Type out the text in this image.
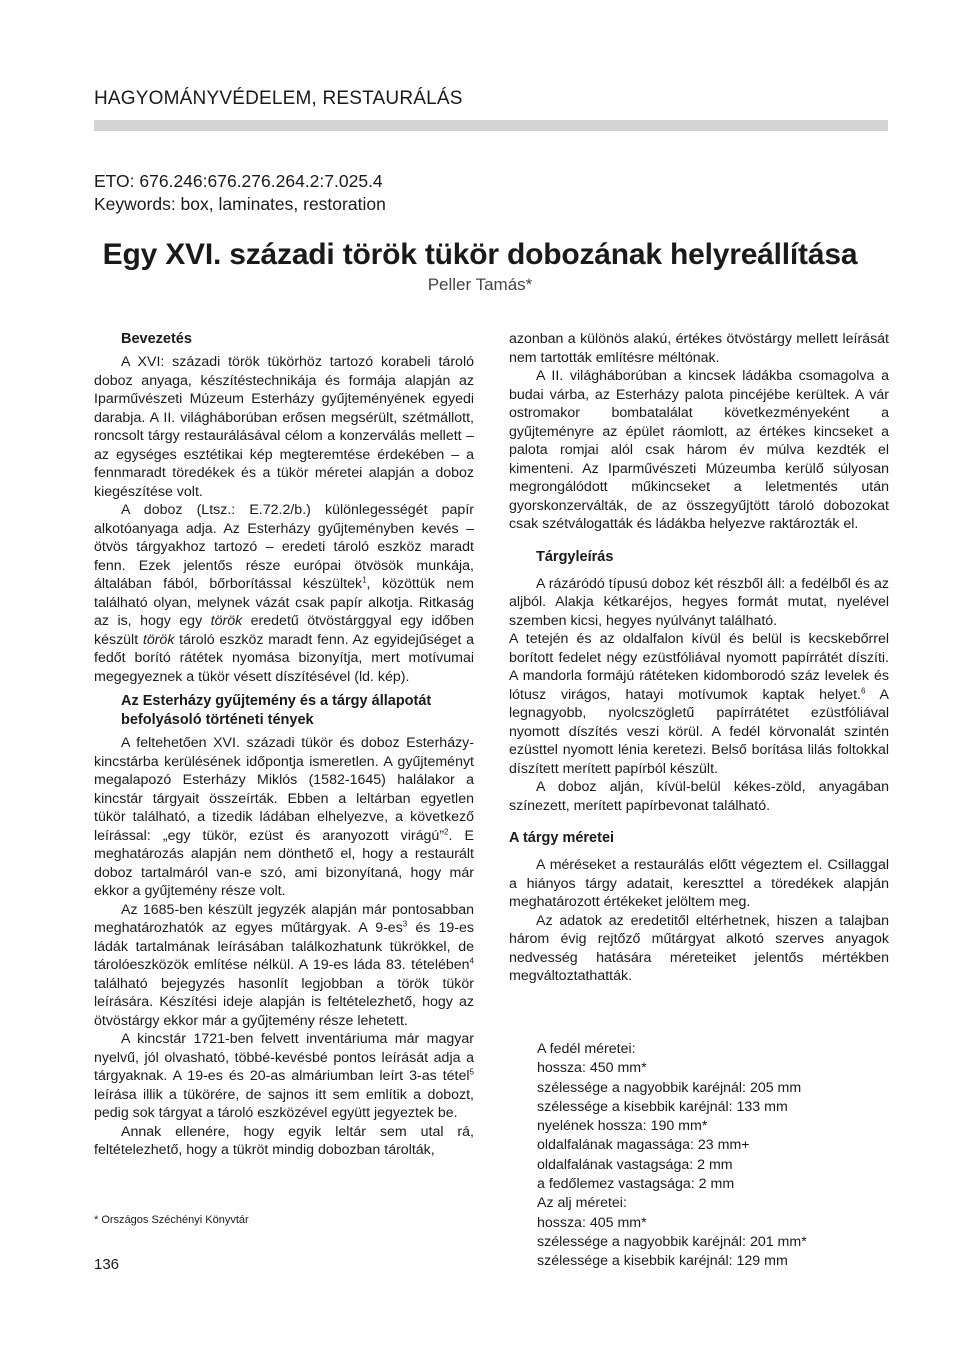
HAGYOMÁNYVÉDELEM, RESTAURÁLÁS
ETO: 676.246:676.276.264.2:7.025.4
Keywords: box, laminates, restoration
Egy XVI. századi török tükör dobozának helyreállítása
Peller Tamás*
Bevezetés

A XVI: századi török tükörhöz tartozó korabeli tároló doboz anyaga, készítéstechnikája és formája alapján az Iparművészeti Múzeum Esterházy gyűjteményének egyedi darabja. A II. világháborúban erősen megsérült, szétmállott, roncsolt tárgy restaurálásával célom a konzerválás mellett – az egységes esztétikai kép megteremtése érdekében – a fennmaradt töredékek és a tükör méretei alapján a doboz kiegészítése volt.

A doboz (Ltsz.: E.72.2/b.) különlegességét papír alkotóanyaga adja. Az Esterházy gyűjteményben kevés – ötvös tárgyakhoz tartozó – eredeti tároló eszköz maradt fenn. Ezek jelentős része európai ötvösök munkája, általában fából, bőrborítással készültek$^1$, közöttük nem található olyan, melynek vázát csak papír alkotja. Ritkaság az is, hogy egy török eredetű ötvöstárggyal egy időben készült török tároló eszköz maradt fenn. Az egyidejűséget a fedőt borító rátétek nyomása bizonyítja, mert motívumai megegyeznek a tükör vésett díszítésével (ld. kép).

Az Esterházy gyűjtemény és a tárgy állapotát befolyásoló történeti tények

A feltehetően XVI. századi tükör és doboz Esterházy-kincstárba kerülésének időpontja ismeretlen. A gyűjteményt megalapozó Esterházy Miklós (1582-1645) halálakor a kincstár tárgyait összeírták. Ebben a leltárban egyetlen tükör található, a tizedik ládában elhelyezve, a következő leírással: „egy tükör, ezüst és aranyozott virágú”$^2$. E meghatározás alapján nem dönthető el, hogy a restaurált doboz tartalmáról van-e szó, ami bizonyítaná, hogy már ekkor a gyűjtemény része volt.

Az 1685-ben készült jegyzék alapján már pontosabban meghatározhatók az egyes műtárgyak. A $9-es^3$ és 19-es ládák tartalmának leírásában találkozhatunk tükrökkel, de tárolóeszközök említése nélkül. A 19-es láda 83. tételében$^4$ található bejegyzés hasonlít legjobban a török tükör leírására. Készítési ideje alapján is feltételezhető, hogy az ötvöstárgy ekkor már a gyűjtemény része lehetett.

A kincstár 1721-ben felvett inventáriuma már magyar nyelvű, jól olvasható, többé-kevésbé pontos leírását adja a tárgyaknak. A 19-es és 20-as almáriumban leírt 3-as tétel$^5$ leírása illik a tükörére, de sajnos itt sem említik a dobozt, pedig sok tárgyat a tároló eszközével együtt jegyeztek be.

Annak ellenére, hogy egyik leltár sem utal rá, feltételezhető, hogy a tükröt mindig dobozban tárolták,

azonban a különös alakú, értékes ötvöstárgy mellett leírását nem tartották említésre méltónak.

A II. világháborúban a kincsek ládákba csomagolva a budai várba, az Esterházy palota pincéjébe kerültek. A vár ostromakor bombatalálat következményeként a gyűjteményre az épület ráomlott, az értékes kincseket a palota romjai alól csak három év múlva kezdték el kimenteni. Az Iparművészeti Múzeumba kerülő súlyosan megrongálódott műkincseket a leletmentés után gyorskonzerválták, de az összegyűjtött tároló dobozokat csak szétválogatták és ládákba helyezve raktározták el.

Tárgyleírás

A rázáródó típusú doboz két részből áll: a fedélből és az aljból. Alakja kétkaréjos, hegyes formát mutat, nyelével szemben kicsi, hegyes nyúlványt található.

A tetején és az oldalfalon kívül és belül is kecskebőrrel borított fedelet négy ezüstfóliával nyomott papírrátét díszíti. A mandorla formájú rátéteken kidomborodó száz levelek és lótusz virágos, hatayi motívumok kaptak helyet.$^6$ A legnagyobb, nyolcszögletű papírrátétet ezüstfóliával nyomott díszítés veszi körül. A fedél körvonalát szintén ezüsttel nyomott lénia keretezi. Belső borítása lilás foltokkal díszített merített papírból készült.

A doboz alján, kívül-belül kékes-zöld, anyagában színezett, merített papírbevonat található.

A tárgy méretei

A méréseket a restaurálás előtt végeztem el. Csillaggal a hiányos tárgy adatait, kereszttel a töredékek alapján meghatározott értékeket jelöltem meg.

Az adatok az eredetitől eltérhetnek, hiszen a talajban három évig rejtőző műtárgyat alkotó szerves anyagok nedvesség hatására méreteiket jelentős mértékben megváltoztathatták.

A fedél méretei:
hossza: 450 mm*
szélessége a nagyobbik karéjnál: 205 mm
szélessége a kisebbik karéjnál: 133 mm
nyelének hossza: 190 mm*
oldalfalának magassága: 23 mm+
oldalfalának vastagsága: 2 mm
a fedőlemez vastagsága: 2 mm
Az alj méretei:
hossza: 405 mm*
szélessége a nagyobbik karéjnál: 201 mm*
szélessége a kisebbik karéjnál: 129 mm
* Országos Széchényi Könyvtár
136
